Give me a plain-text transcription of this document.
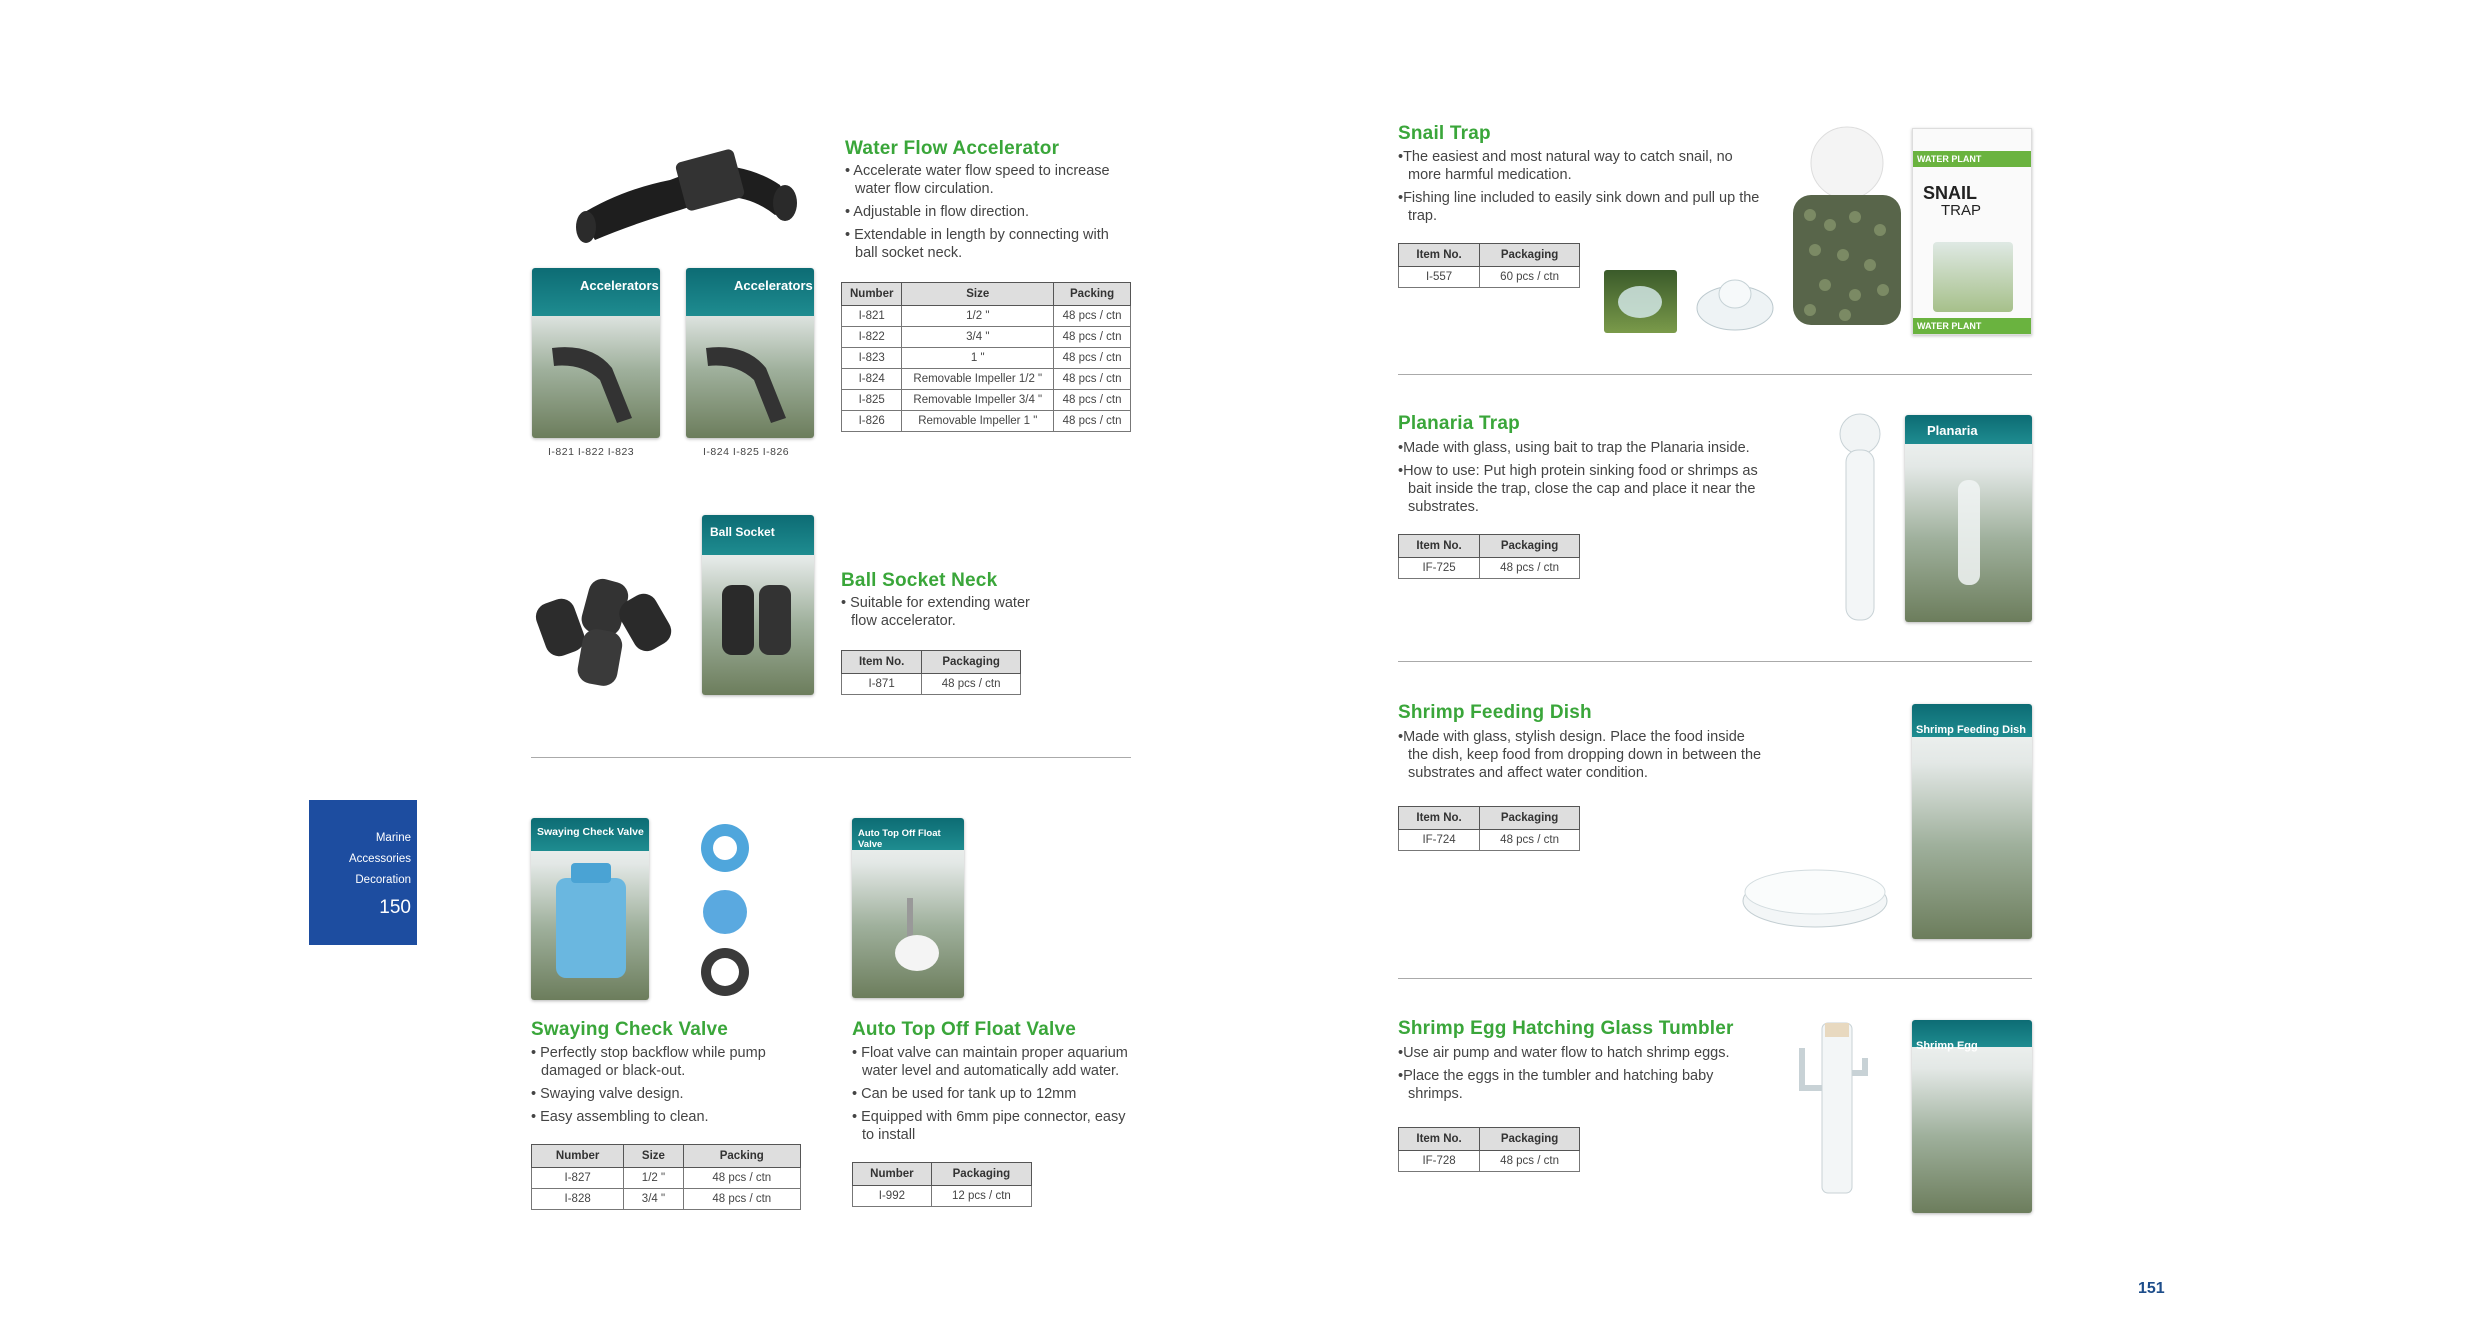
Marine
Accessories
Decoration
150
Accelerators	Accelerators
I-821 I-822 I-823	I-824 I-825 I-826
Water Flow Accelerator
• Accelerate water flow speed to increase water flow circulation.
• Adjustable in flow direction.
• Extendable in length by connecting with ball socket neck.
Number	Size	Packing
I-821	1/2 "	48 pcs / ctn
I-822	3/4 "	48 pcs / ctn
I-823	1 "	48 pcs / ctn
I-824	Removable Impeller 1/2 "	48 pcs / ctn
I-825	Removable Impeller 3/4 "	48 pcs / ctn
I-826	Removable Impeller 1 "	48 pcs / ctn
Ball Socket
Ball Socket Neck
• Suitable for extending water flow accelerator.
Item No.	Packaging
I-871	48 pcs / ctn
Swaying Check Valve
Swaying Check Valve
• Perfectly stop backflow while pump damaged or black-out.
• Swaying valve design.
• Easy assembling to clean.
Number	Size	Packing
I-827	1/2 "	48 pcs / ctn
I-828	3/4 "	48 pcs / ctn
Auto Top Off Float Valve
Auto Top Off Float Valve
• Float valve can maintain proper aquarium water level and automatically add water.
• Can be used for tank up to 12mm
• Equipped with 6mm pipe connector, easy to install
Number	Packaging
I-992	12 pcs / ctn
Snail Trap
•The easiest and most natural way to catch snail, no more harmful medication.
•Fishing line included to easily sink down and pull up the trap.
Item No.	Packaging
I-557	60 pcs / ctn
WATER PLANT
SNAIL
TRAP
WATER PLANT
Planaria Trap
•Made with glass, using bait to trap the Planaria inside.
•How to use: Put high protein sinking food or shrimps as bait inside the trap, close the cap and place it near the substrates.
Item No.	Packaging
IF-725	48 pcs / ctn
Planaria
Shrimp Feeding Dish
•Made with glass, stylish design. Place the food inside the dish, keep food from dropping down in between the substrates and affect water condition.
Item No.	Packaging
IF-724	48 pcs / ctn
Shrimp Feeding Dish
Shrimp Egg Hatching Glass Tumbler
•Use air pump and water flow to hatch shrimp eggs.
•Place the eggs in the tumbler and hatching baby shrimps.
Item No.	Packaging
IF-728	48 pcs / ctn
Shrimp Egg
151
